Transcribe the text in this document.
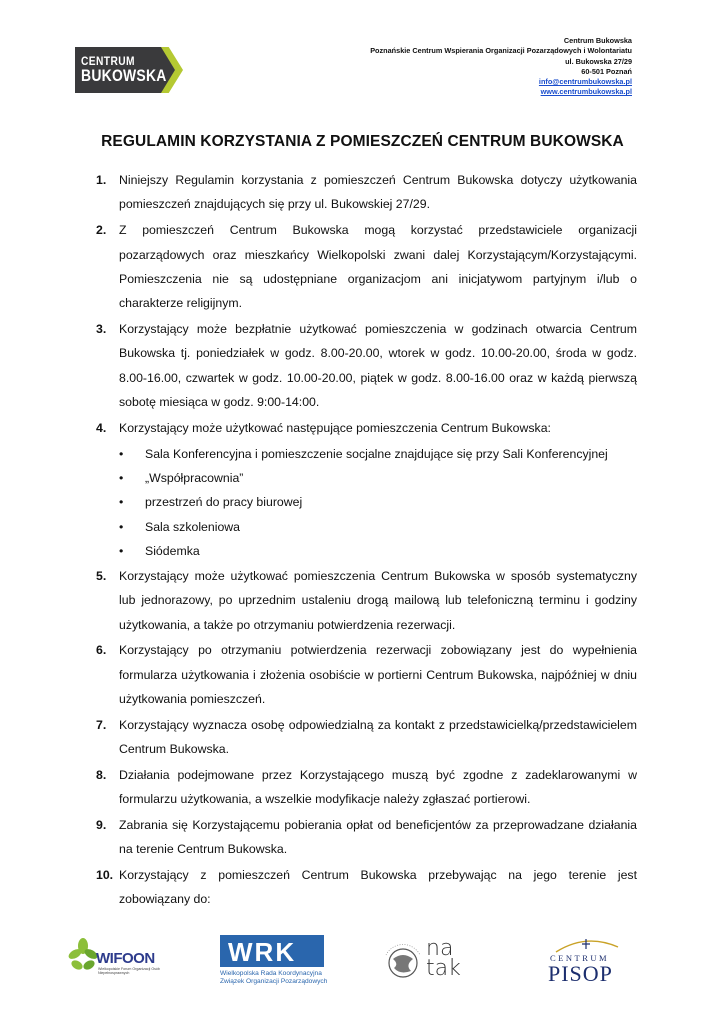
CENTRUM
BUKOWSKA
Centrum Bukowska
Poznańskie Centrum Wspierania Organizacji Pozarządowych i Wolontariatu
ul. Bukowska 27/29
60-501 Poznań
info@centrumbukowska.pl
www.centrumbukowska.pl
REGULAMIN KORZYSTANIA Z POMIESZCZEŃ CENTRUM BUKOWSKA
1. Niniejszy Regulamin korzystania z pomieszczeń Centrum Bukowska dotyczy użytkowania pomieszczeń znajdujących się przy ul. Bukowskiej 27/29.
2. Z pomieszczeń Centrum Bukowska mogą korzystać przedstawiciele organizacji pozarządowych oraz mieszkańcy Wielkopolski zwani dalej Korzystającym/Korzystającymi. Pomieszczenia nie są udostępniane organizacjom ani inicjatywom partyjnym i/lub o charakterze religijnym.
3. Korzystający może bezpłatnie użytkować pomieszczenia w godzinach otwarcia Centrum Bukowska tj. poniedziałek w godz. 8.00-20.00, wtorek w godz. 10.00-20.00, środa w godz. 8.00-16.00, czwartek w godz. 10.00-20.00, piątek w godz. 8.00-16.00 oraz w każdą pierwszą sobotę miesiąca w godz. 9:00-14:00.
4. Korzystający może użytkować następujące pomieszczenia Centrum Bukowska:
• Sala Konferencyjna i pomieszczenie socjalne znajdujące się przy Sali Konferencyjnej
• „Współpracownia”
• przestrzeń do pracy biurowej
• Sala szkoleniowa
• Siódemka
5. Korzystający może użytkować pomieszczenia Centrum Bukowska w sposób systematyczny lub jednorazowy, po uprzednim ustaleniu drogą mailową lub telefoniczną terminu i godziny użytkowania, a także po otrzymaniu potwierdzenia rezerwacji.
6. Korzystający po otrzymaniu potwierdzenia rezerwacji zobowiązany jest do wypełnienia formularza użytkowania i złożenia osobiście w portierni Centrum Bukowska, najpóźniej w dniu użytkowania pomieszczeń.
7. Korzystający wyznacza osobę odpowiedzialną za kontakt z przedstawicielką/przedstawicielem Centrum Bukowska.
8. Działania podejmowane przez Korzystającego muszą być zgodne z zadeklarowanymi w formularzu użytkowania, a wszelkie modyfikacje należy zgłaszać portierowi.
9. Zabrania się Korzystającemu pobierania opłat od beneficjentów za przeprowadzane działania na terenie Centrum Bukowska.
10. Korzystający z pomieszczeń Centrum Bukowska przebywając na jego terenie jest zobowiązany do:
WIFOON
Wielkopolskie Forum Organizacji Osób Niepełnosprawnych
WRK
Wielkopolska Rada Koordynacyjna
Związek Organizacji Pozarządowych
na
tak	CENTRUM
PISOP
